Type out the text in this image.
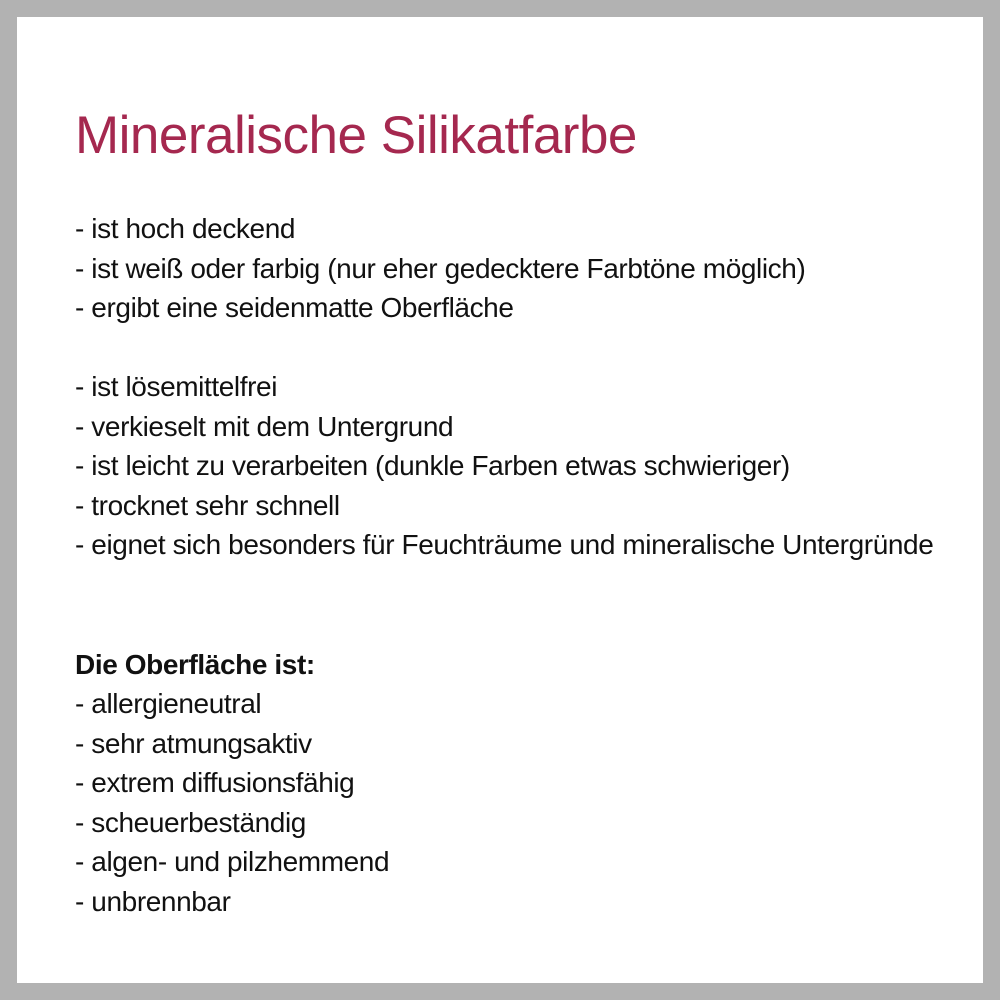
Mineralische Silikatfarbe
- ist hoch deckend
- ist weiß oder farbig (nur eher gedecktere Farbtöne möglich)
- ergibt eine seidenmatte Oberfläche
- ist lösemittelfrei
- verkieselt mit dem Untergrund
- ist leicht zu verarbeiten (dunkle Farben etwas schwieriger)
- trocknet sehr schnell
- eignet sich besonders für Feuchträume und mineralische Untergründe
Die Oberfläche ist:
- allergieneutral
- sehr atmungsaktiv
- extrem diffusionsfähig
- scheuerbeständig
- algen- und pilzhemmend
- unbrennbar
